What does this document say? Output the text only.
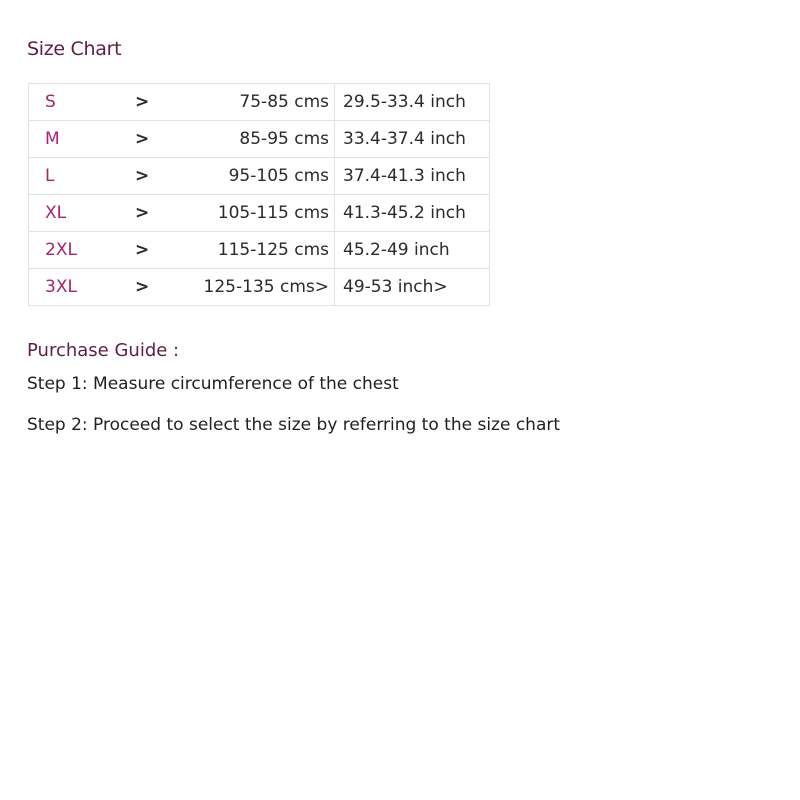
Size Chart
S	>	75-85 cms	29.5-33.4 inch
M	>	85-95 cms	33.4-37.4 inch
L	>	95-105 cms	37.4-41.3 inch
XL	>	105-115 cms	41.3-45.2 inch
2XL	>	115-125 cms	45.2-49 inch
3XL	>	125-135 cms>	49-53 inch>
Purchase Guide :
Step 1: Measure circumference of the chest
Step 2: Proceed to select the size by referring to the size chart
